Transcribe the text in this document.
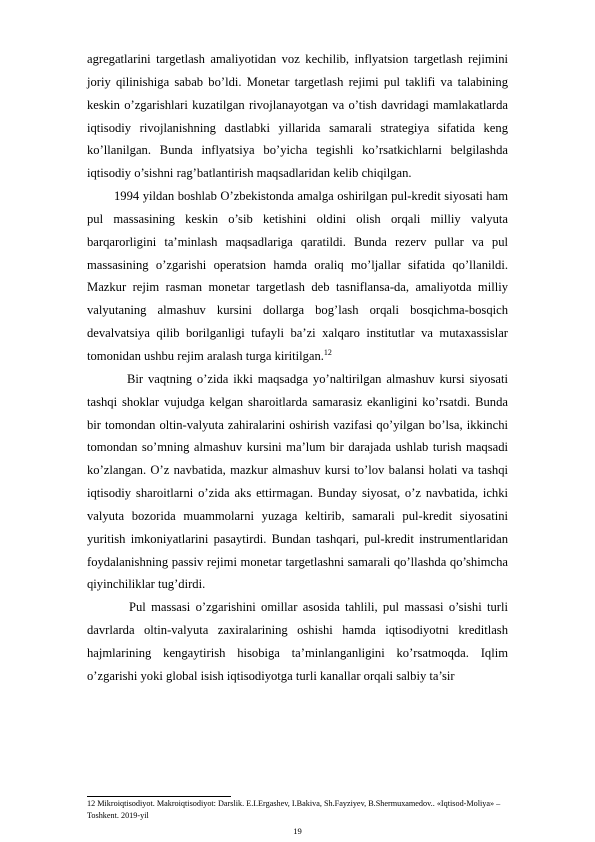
agregatlarini targetlash amaliyotidan voz kechilib, inflyatsion targetlash rejimini joriy qilinishiga sabab bo’ldi. Monetar targetlash rejimi pul taklifi va talabining keskin o’zgarishlari kuzatilgan rivojlanayotgan va o’tish davridagi mamlakatlarda iqtisodiy rivojlanishning dastlabki yillarida samarali strategiya sifatida keng ko’llanilgan. Bunda inflyatsiya bo’yicha tegishli ko’rsatkichlarni belgilashda iqtisodiy o’sishni rag’batlantirish maqsadlaridan kelib chiqilgan.

1994 yildan boshlab O’zbekistonda amalga oshirilgan pul-kredit siyosati ham pul massasining keskin o’sib ketishini oldini olish orqali milliy valyuta barqarorligini ta’minlash maqsadlariga qaratildi. Bunda rezerv pullar va pul massasining o’zgarishi operatsion hamda oraliq mo’ljallar sifatida qo’llanildi. Mazkur rejim rasman monetar targetlash deb tasniflansa-da, amaliyotda milliy valyutaning almashuv kursini dollarga bog’lash orqali bosqichma-bosqich devalvatsiya qilib borilganligi tufayli ba’zi xalqaro institutlar va mutaxassislar tomonidan ushbu rejim aralash turga kiritilgan.$^{12}$

Bir vaqtning o’zida ikki maqsadga yo’naltirilgan almashuv kursi siyosati tashqi shoklar vujudga kelgan sharoitlarda samarasiz ekanligini ko’rsatdi. Bunda bir tomondan oltin-valyuta zahiralarini oshirish vazifasi qo’yilgan bo’lsa, ikkinchi tomondan so’mning almashuv kursini ma’lum bir darajada ushlab turish maqsadi ko’zlangan. O’z navbatida, mazkur almashuv kursi to’lov balansi holati va tashqi iqtisodiy sharoitlarni o’zida aks ettirmagan. Bunday siyosat, o’z navbatida, ichki valyuta bozorida muammolarni yuzaga keltirib, samarali pul-kredit siyosatini yuritish imkoniyatlarini pasaytirdi. Bundan tashqari, pul-kredit instrumentlaridan foydalanishning passiv rejimi monetar targetlashni samarali qo’llashda qo’shimcha qiyinchiliklar tug’dirdi.

Pul massasi o’zgarishini omillar asosida tahlili, pul massasi o’sishi turli davrlarda oltin-valyuta zaxiralarining oshishi hamda iqtisodiyotni kreditlash hajmlarining kengaytirish hisobiga ta’minlanganligini ko’rsatmoqda. Iqlim o’zgarishi yoki global isish iqtisodiyotga turli kanallar orqali salbiy ta’sir

12 Mikroiqtisodiyot. Makroiqtisodiyot: Darslik. E.I.Ergashev, I.Bakiva, Sh.Fayziyev, B.Shermuxamedov.. «Iqtisod-Moliya» – Toshkent. 2019-yil

19
